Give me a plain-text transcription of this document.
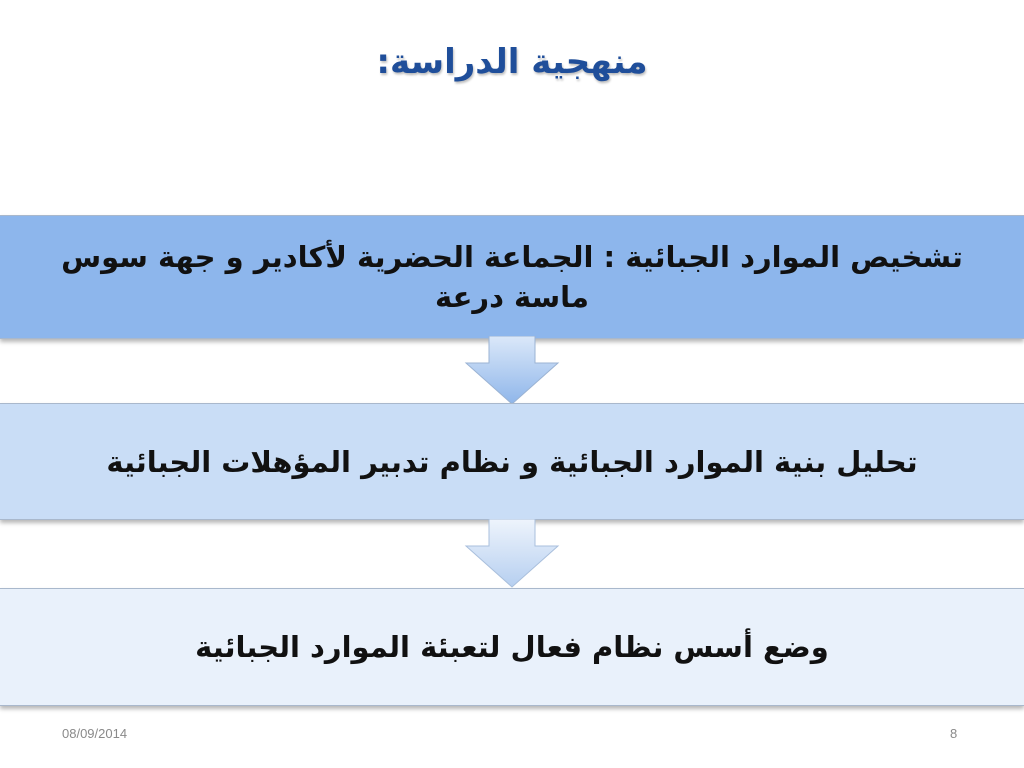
منهجية الدراسة:
تشخيص الموارد الجبائية : الجماعة الحضرية لأكادير و جهة سوس ماسة درعة
تحليل بنية الموارد الجبائية و نظام تدبير المؤهلات الجبائية
وضع أسس نظام فعال لتعبئة الموارد الجبائية
08/09/2014	8
